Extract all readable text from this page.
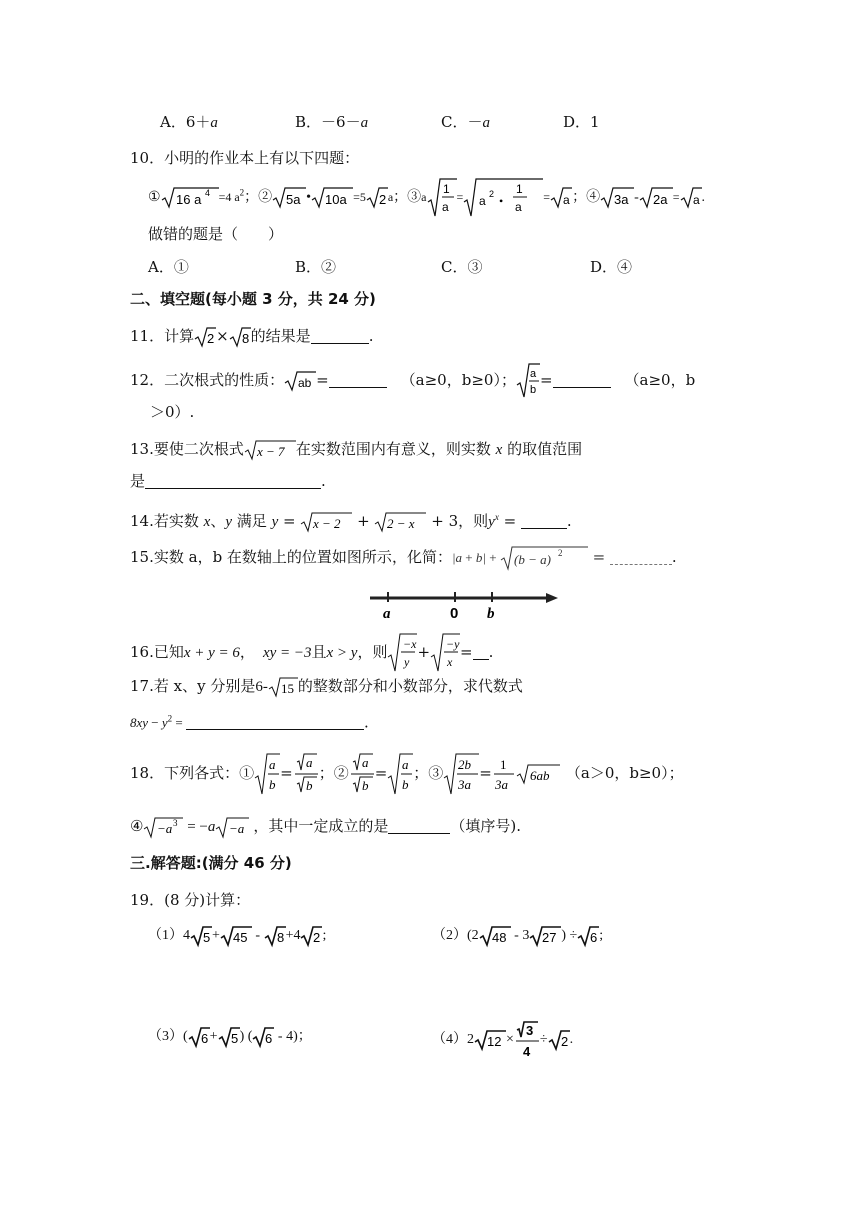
A．6＋a	B．－6－a	C．－a	D．1
10．小明的作业本上有以下四题：
① 16 a 4 =4 $a^2$；② 5a • 10a =5 2 a；③a
1
a
= a 2 •
1
a
= a ；④ 3a - 2a = a .
做错的题是（　　）
A．①	B．②	C．③	D．④
二、填空题(每小题 3 分，共 24 分)
11．计算 2 × 8 的结果是	.
12．二次根式的性质： ab =	（a≥0，b≥0）； a
b
=	（a≥0，b
＞0）.
13.要使二次根式 x − 7 在实数范围内有意义，则实数 x 的取值范围
是	.
14.若实数 x、y 满足 y = x − 2 + 2 − x + 3，则$y^x$ =	.
15.实数 a，b 在数轴上的位置如图所示，化简：|a + b| + (b − a) 2 =	.
a	0 b
16.已知x + y = 6， xy = −3且x > y，则 −x
y
+ −y
x
= .
17.若 x、y 分别是6- 15 的整数部分和小数部分，求代数式
$8xy - y^2$ =	.
18．下列各式：① a
b
=
a
b
；②
a
b
= a
b
；③ 2b
3a
= 1
3a
6ab （a＞0，b≥0）；
④ −a 3 = −a −a ，其中一定成立的是	（填序号).
三.解答题:(满分 46 分)
19．(8 分)计算：
（1）4 5 + 45 - 8 +4 2 ;	（2）(2 48 - 3 27 ) ÷ 6 ;
（3）( 6 + 5 ) ( 6 - 4)；	（4）2 12 ×
3
4
÷ 2 .
